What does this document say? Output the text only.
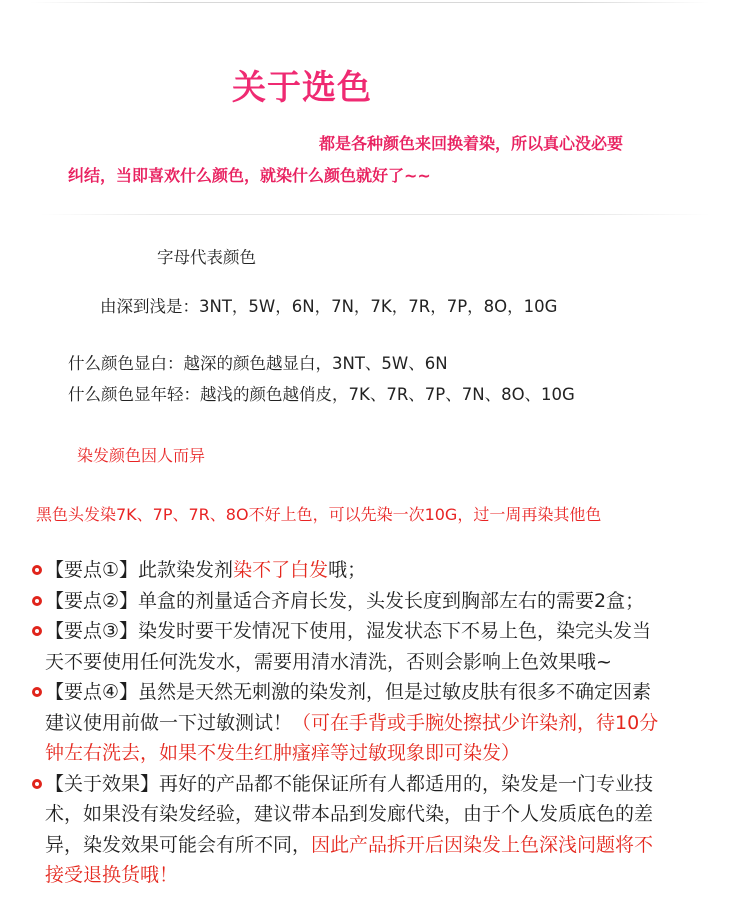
关于选色
都是各种颜色来回换着染，所以真心没必要
纠结，当即喜欢什么颜色，就染什么颜色就好了~~
字母代表颜色
由深到浅是：3NT，5W，6N，7N，7K，7R，7P，8O，10G
什么颜色显白：越深的颜色越显白，3NT、5W、6N
什么颜色显年轻：越浅的颜色越俏皮，7K、7R、7P、7N、8O、10G
染发颜色因人而异
黑色头发染7K、7P、7R、8O不好上色，可以先染一次10G，过一周再染其他色
【要点①】此款染发剂染不了白发哦；
【要点②】单盒的剂量适合齐肩长发，头发长度到胸部左右的需要2盒；
【要点③】染发时要干发情况下使用，湿发状态下不易上色，染完头发当
天不要使用任何洗发水，需要用清水清洗，否则会影响上色效果哦~
【要点④】虽然是天然无刺激的染发剂，但是过敏皮肤有很多不确定因素
建议使用前做一下过敏测试！（可在手背或手腕处擦拭少许染剂，待10分
钟左右洗去，如果不发生红肿瘙痒等过敏现象即可染发）
【关于效果】再好的产品都不能保证所有人都适用的，染发是一门专业技
术，如果没有染发经验，建议带本品到发廊代染，由于个人发质底色的差
异，染发效果可能会有所不同，因此产品拆开后因染发上色深浅问题将不
接受退换货哦！
